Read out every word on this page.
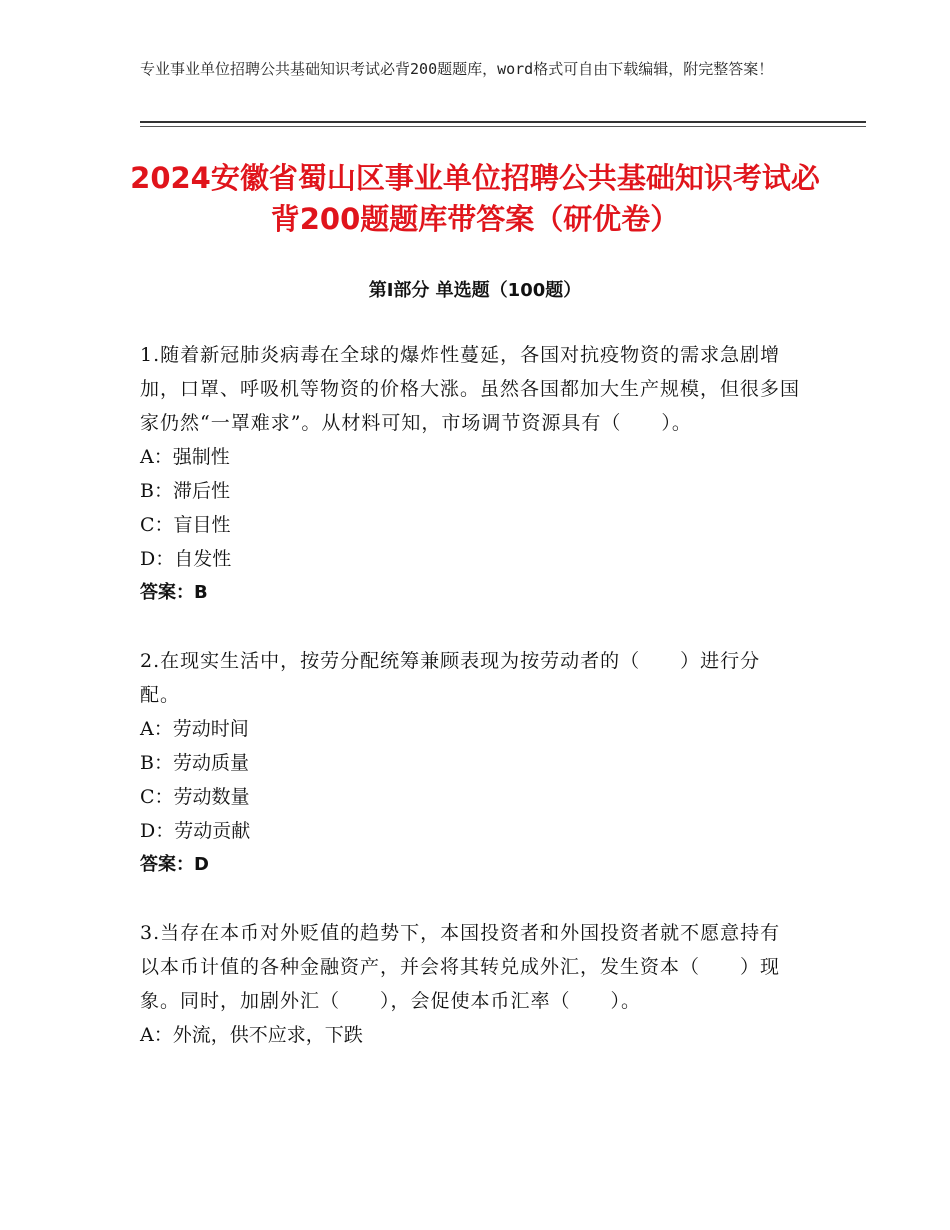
专业事业单位招聘公共基础知识考试必背200题题库，word格式可自由下载编辑，附完整答案！
2024安徽省蜀山区事业单位招聘公共基础知识考试必背200题题库带答案（研优卷）
第Ⅰ部分 单选题（100题）
1.随着新冠肺炎病毒在全球的爆炸性蔓延，各国对抗疫物资的需求急剧增加，口罩、呼吸机等物资的价格大涨。虽然各国都加大生产规模，但很多国家仍然“一罩难求”。从材料可知，市场调节资源具有（　　）。
A：强制性
B：滞后性
C：盲目性
D：自发性
答案：B
2.在现实生活中，按劳分配统筹兼顾表现为按劳动者的（　　）进行分配。
A：劳动时间
B：劳动质量
C：劳动数量
D：劳动贡献
答案：D
3.当存在本币对外贬值的趋势下，本国投资者和外国投资者就不愿意持有以本币计值的各种金融资产，并会将其转兑成外汇，发生资本（　　）现象。同时，加剧外汇（　　），会促使本币汇率（　　）。
A：外流，供不应求，下跌
